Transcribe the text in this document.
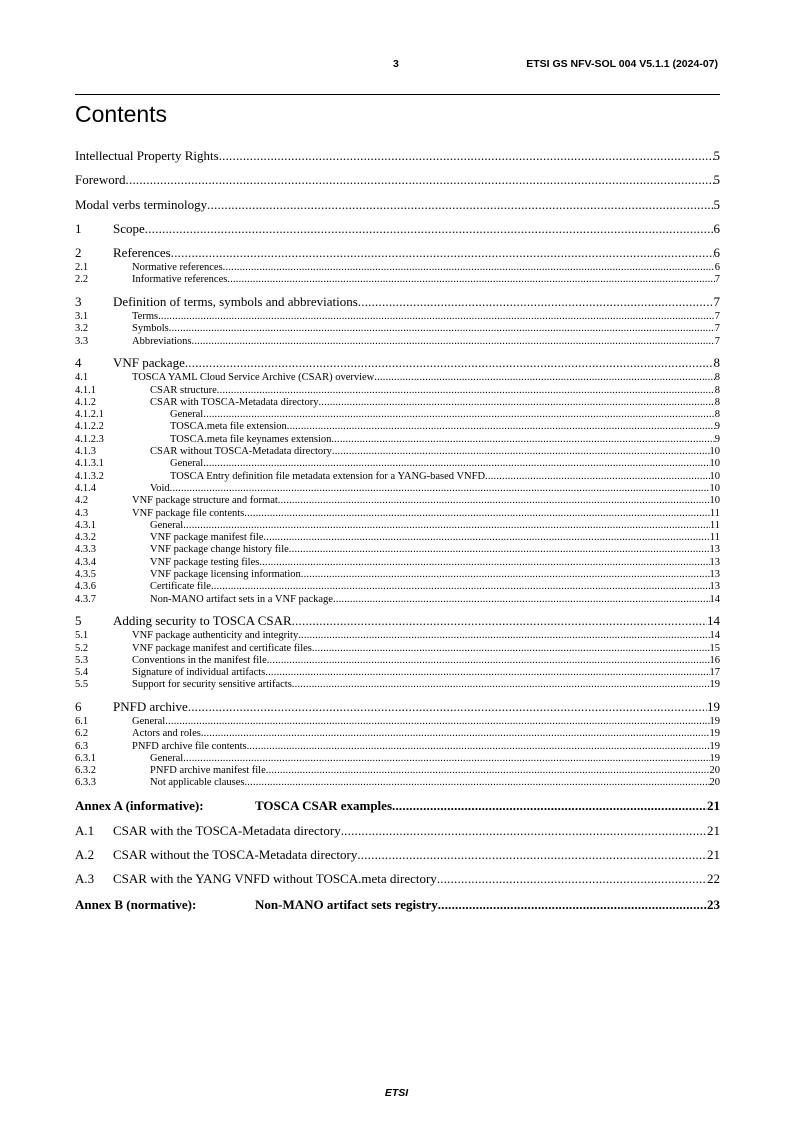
3	ETSI GS NFV-SOL 004 V5.1.1 (2024-07)
Contents
Intellectual Property Rights .....	5
Foreword .....	5
Modal verbs terminology .....	5
1	Scope .....	6
2	References .....	6
2.1	Normative references .....	6
2.2	Informative references .....	7
3	Definition of terms, symbols and abbreviations .....	7
3.1	Terms .....	7
3.2	Symbols .....	7
3.3	Abbreviations .....	7
4	VNF package .....	8
4.1	TOSCA YAML Cloud Service Archive (CSAR) overview .....	8
4.1.1	CSAR structure .....	8
4.1.2	CSAR with TOSCA-Metadata directory .....	8
4.1.2.1	General .....	8
4.1.2.2	TOSCA.meta file extension .....	9
4.1.2.3	TOSCA.meta file keynames extension .....	9
4.1.3	CSAR without TOSCA-Metadata directory .....	10
4.1.3.1	General .....	10
4.1.3.2	TOSCA Entry definition file metadata extension for a YANG-based VNFD .....	10
4.1.4	Void .....	10
4.2	VNF package structure and format .....	10
4.3	VNF package file contents .....	11
4.3.1	General .....	11
4.3.2	VNF package manifest file .....	11
4.3.3	VNF package change history file .....	13
4.3.4	VNF package testing files .....	13
4.3.5	VNF package licensing information .....	13
4.3.6	Certificate file .....	13
4.3.7	Non-MANO artifact sets in a VNF package .....	14
5	Adding security to TOSCA CSAR .....	14
5.1	VNF package authenticity and integrity .....	14
5.2	VNF package manifest and certificate files .....	15
5.3	Conventions in the manifest file .....	16
5.4	Signature of individual artifacts .....	17
5.5	Support for security sensitive artifacts .....	19
6	PNFD archive .....	19
6.1	General .....	19
6.2	Actors and roles .....	19
6.3	PNFD archive file contents .....	19
6.3.1	General .....	19
6.3.2	PNFD archive manifest file .....	20
6.3.3	Not applicable clauses .....	20
Annex A (informative):	TOSCA CSAR examples .....	21
A.1	CSAR with the TOSCA-Metadata directory .....	21
A.2	CSAR without the TOSCA-Metadata directory .....	21
A.3	CSAR with the YANG VNFD without TOSCA.meta directory .....	22
Annex B (normative):	Non-MANO artifact sets registry .....	23
ETSI
